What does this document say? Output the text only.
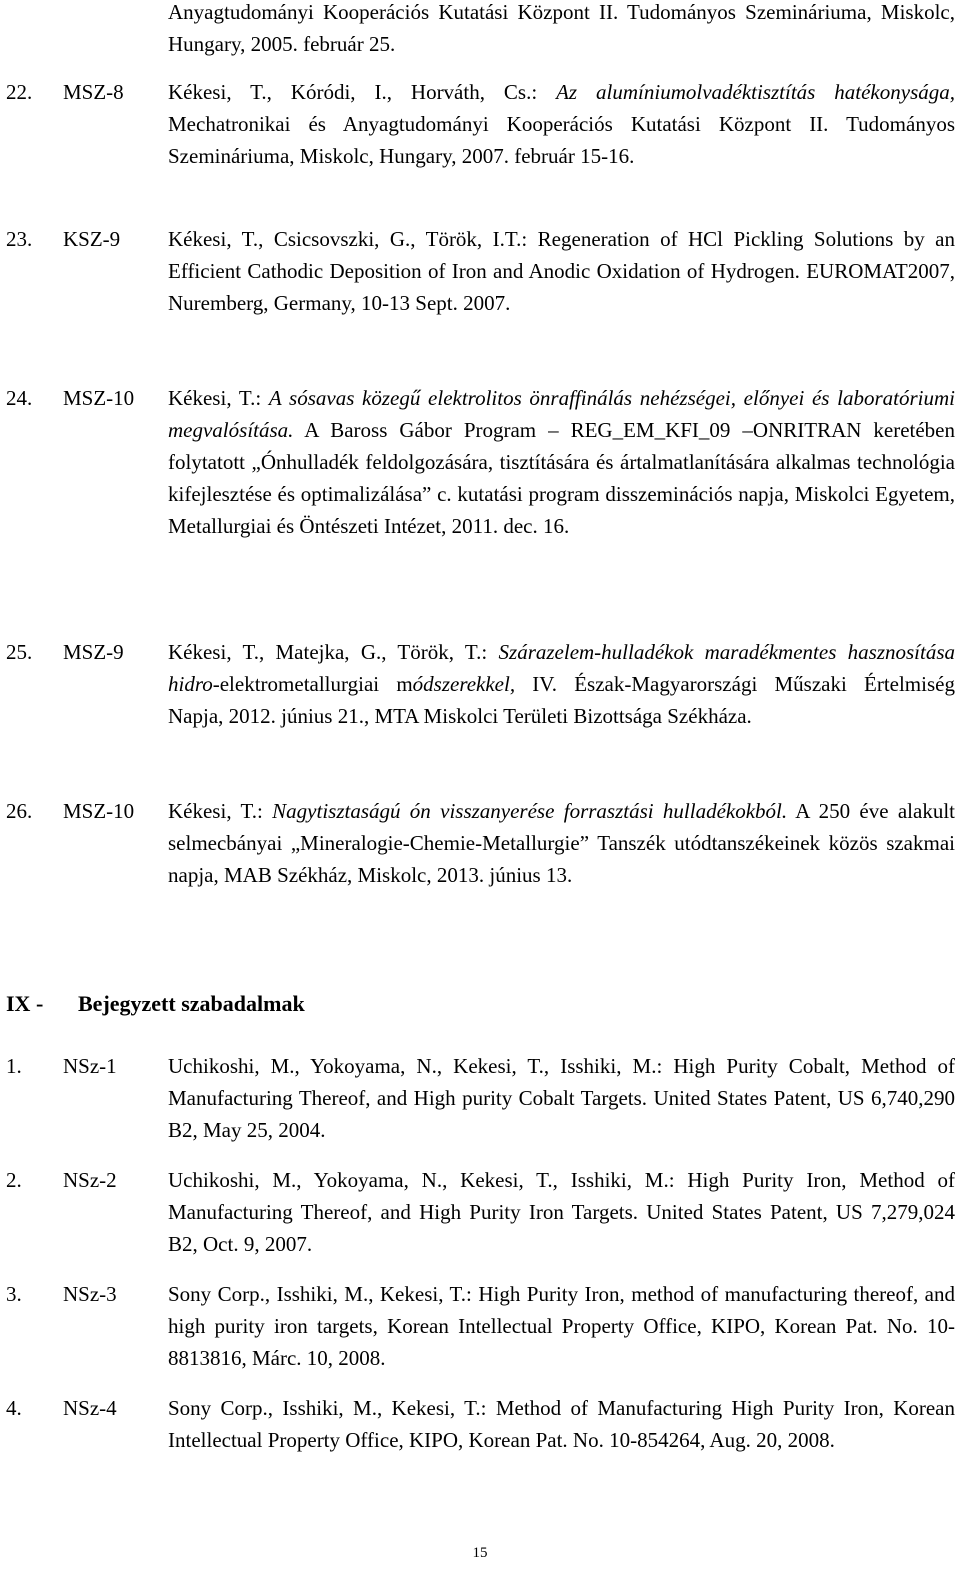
Anyagtudományi Kooperációs Kutatási Központ II. Tudományos Szemináriuma, Miskolc, Hungary, 2005. február 25.
22. MSZ-8 Kékesi, T., Kóródi, I., Horváth, Cs.: Az alumíniumolvadéktisztítás hatékonysága, Mechatronikai és Anyagtudományi Kooperációs Kutatási Központ II. Tudományos Szemináriuma, Miskolc, Hungary, 2007. február 15-16.
23. KSZ-9 Kékesi, T., Csicsovszki, G., Török, I.T.: Regeneration of HCl Pickling Solutions by an Efficient Cathodic Deposition of Iron and Anodic Oxidation of Hydrogen. EUROMAT2007, Nuremberg, Germany, 10-13 Sept. 2007.
24. MSZ-10 Kékesi, T.: A sósavas közegű elektrolitos önraffinálás nehézségei, előnyei és laboratóriumi megvalósítása. A Baross Gábor Program – REG_EM_KFI_09 –ONRITRAN keretében folytatott „Ónhulladék feldolgozására, tisztítására és ártalmatlanítására alkalmas technológia kifejlesztése és optimalizálása” c. kutatási program disszeminációs napja, Miskolci Egyetem, Metallurgiai és Öntészeti Intézet, 2011. dec. 16.
25. MSZ-9 Kékesi, T., Matejka, G., Török, T.: Szárazelem-hulladékok maradékmentes hasznosítása hidro-elektrometallurgiai módszerekkel, IV. Észak-Magyarországi Műszaki Értelmiség Napja, 2012. június 21., MTA Miskolci Területi Bizottsága Székháza.
26. MSZ-10 Kékesi, T.: Nagytisztaságú ón visszanyerése forrasztási hulladékokból. A 250 éve alakult selmecbányai „Mineralogie-Chemie-Metallurgie” Tanszék utódtanszékeinek közös szakmai napja, MAB Székház, Miskolc, 2013. június 13.
IX - Bejegyzett szabadalmak
1. NSz-1 Uchikoshi, M., Yokoyama, N., Kekesi, T., Isshiki, M.: High Purity Cobalt, Method of Manufacturing Thereof, and High purity Cobalt Targets. United States Patent, US 6,740,290 B2, May 25, 2004.
2. NSz-2 Uchikoshi, M., Yokoyama, N., Kekesi, T., Isshiki, M.: High Purity Iron, Method of Manufacturing Thereof, and High Purity Iron Targets. United States Patent, US 7,279,024 B2, Oct. 9, 2007.
3. NSz-3 Sony Corp., Isshiki, M., Kekesi, T.: High Purity Iron, method of manufacturing thereof, and high purity iron targets, Korean Intellectual Property Office, KIPO, Korean Pat. No. 10-8813816, Márc. 10, 2008.
4. NSz-4 Sony Corp., Isshiki, M., Kekesi, T.: Method of Manufacturing High Purity Iron, Korean Intellectual Property Office, KIPO, Korean Pat. No. 10-854264, Aug. 20, 2008.
15
